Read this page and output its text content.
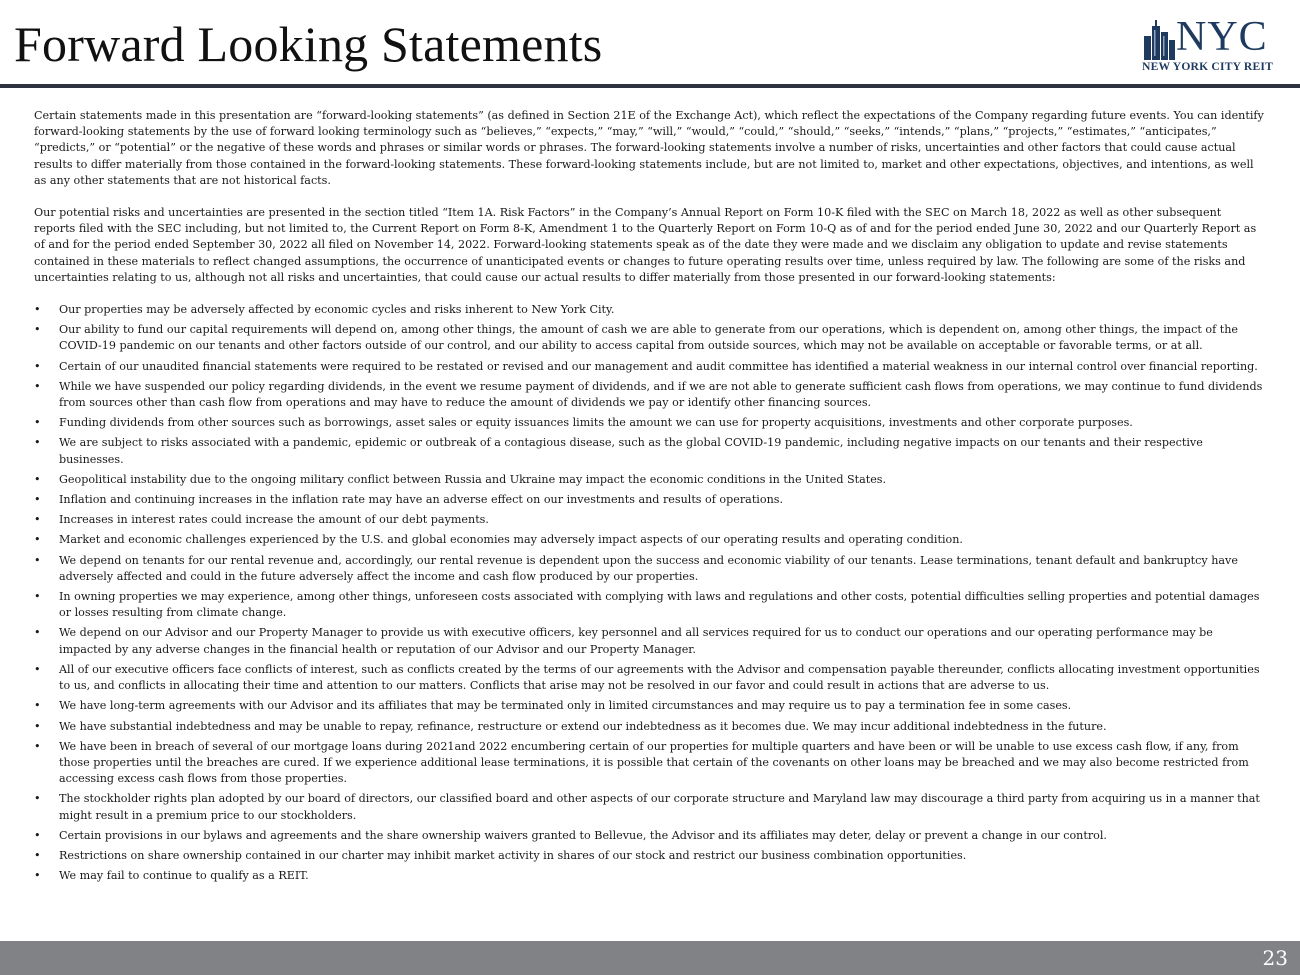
Forward Looking Statements	NYC
NEW YORK CITY REIT

Certain statements made in this presentation are “forward-looking statements” (as defined in Section 21E of the Exchange Act), which reflect the expectations of the Company regarding future events. You can identify forward-looking statements by the use of forward looking terminology such as “believes,” “expects,” “may,” “will,” “would,” “could,” “should,” “seeks,” “intends,” “plans,” “projects,” “estimates,” “anticipates,” “predicts,” or “potential” or the negative of these words and phrases or similar words or phrases. The forward-looking statements involve a number of risks, uncertainties and other factors that could cause actual results to differ materially from those contained in the forward-looking statements. These forward-looking statements include, but are not limited to, market and other expectations, objectives, and intentions, as well as any other statements that are not historical facts.

Our potential risks and uncertainties are presented in the section titled “Item 1A. Risk Factors” in the Company’s Annual Report on Form 10-K filed with the SEC on March 18, 2022 as well as other subsequent reports filed with the SEC including, but not limited to, the Current Report on Form 8-K, Amendment 1 to the Quarterly Report on Form 10-Q as of and for the period ended June 30, 2022 and our Quarterly Report as of and for the period ended September 30, 2022 all filed on November 14, 2022. Forward-looking statements speak as of the date they were made and we disclaim any obligation to update and revise statements contained in these materials to reflect changed assumptions, the occurrence of unanticipated events or changes to future operating results over time, unless required by law. The following are some of the risks and uncertainties relating to us, although not all risks and uncertainties, that could cause our actual results to differ materially from those presented in our forward-looking statements:

• Our properties may be adversely affected by economic cycles and risks inherent to New York City.
• Our ability to fund our capital requirements will depend on, among other things, the amount of cash we are able to generate from our operations, which is dependent on, among other things, the impact of the COVID-19 pandemic on our tenants and other factors outside of our control, and our ability to access capital from outside sources, which may not be available on acceptable or favorable terms, or at all.
• Certain of our unaudited financial statements were required to be restated or revised and our management and audit committee has identified a material weakness in our internal control over financial reporting.
• While we have suspended our policy regarding dividends, in the event we resume payment of dividends, and if we are not able to generate sufficient cash flows from operations, we may continue to fund dividends from sources other than cash flow from operations and may have to reduce the amount of dividends we pay or identify other financing sources.
• Funding dividends from other sources such as borrowings, asset sales or equity issuances limits the amount we can use for property acquisitions, investments and other corporate purposes.
• We are subject to risks associated with a pandemic, epidemic or outbreak of a contagious disease, such as the global COVID-19 pandemic, including negative impacts on our tenants and their respective businesses.
• Geopolitical instability due to the ongoing military conflict between Russia and Ukraine may impact the economic conditions in the United States.
• Inflation and continuing increases in the inflation rate may have an adverse effect on our investments and results of operations.
• Increases in interest rates could increase the amount of our debt payments.
• Market and economic challenges experienced by the U.S. and global economies may adversely impact aspects of our operating results and operating condition.
• We depend on tenants for our rental revenue and, accordingly, our rental revenue is dependent upon the success and economic viability of our tenants. Lease terminations, tenant default and bankruptcy have adversely affected and could in the future adversely affect the income and cash flow produced by our properties.
• In owning properties we may experience, among other things, unforeseen costs associated with complying with laws and regulations and other costs, potential difficulties selling properties and potential damages or losses resulting from climate change.
• We depend on our Advisor and our Property Manager to provide us with executive officers, key personnel and all services required for us to conduct our operations and our operating performance may be impacted by any adverse changes in the financial health or reputation of our Advisor and our Property Manager.
• All of our executive officers face conflicts of interest, such as conflicts created by the terms of our agreements with the Advisor and compensation payable thereunder, conflicts allocating investment opportunities to us, and conflicts in allocating their time and attention to our matters. Conflicts that arise may not be resolved in our favor and could result in actions that are adverse to us.
• We have long-term agreements with our Advisor and its affiliates that may be terminated only in limited circumstances and may require us to pay a termination fee in some cases.
• We have substantial indebtedness and may be unable to repay, refinance, restructure or extend our indebtedness as it becomes due. We may incur additional indebtedness in the future.
• We have been in breach of several of our mortgage loans during 2021and 2022 encumbering certain of our properties for multiple quarters and have been or will be unable to use excess cash flow, if any, from those properties until the breaches are cured. If we experience additional lease terminations, it is possible that certain of the covenants on other loans may be breached and we may also become restricted from accessing excess cash flows from those properties.
• The stockholder rights plan adopted by our board of directors, our classified board and other aspects of our corporate structure and Maryland law may discourage a third party from acquiring us in a manner that might result in a premium price to our stockholders.
• Certain provisions in our bylaws and agreements and the share ownership waivers granted to Bellevue, the Advisor and its affiliates may deter, delay or prevent a change in our control.
• Restrictions on share ownership contained in our charter may inhibit market activity in shares of our stock and restrict our business combination opportunities.
• We may fail to continue to qualify as a REIT.
23
